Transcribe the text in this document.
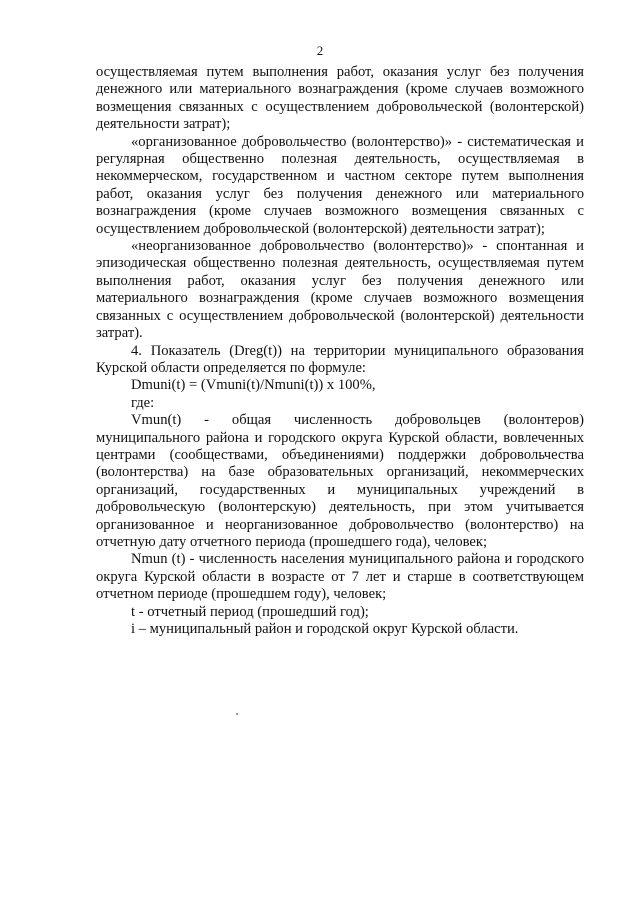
2

осуществляемая путем выполнения работ, оказания услуг без получения денежного или материального вознаграждения (кроме случаев возможного возмещения связанных с осуществлением добровольческой (волонтерской) деятельности затрат);

«организованное добровольчество (волонтерство)» - систематическая и регулярная общественно полезная деятельность, осуществляемая в некоммерческом, государственном и частном секторе путем выполнения работ, оказания услуг без получения денежного или материального вознаграждения (кроме случаев возможного возмещения связанных с осуществлением добровольческой (волонтерской) деятельности затрат);

«неорганизованное добровольчество (волонтерство)» - спонтанная и эпизодическая общественно полезная деятельность, осуществляемая путем выполнения работ, оказания услуг без получения денежного или материального вознаграждения (кроме случаев возможного возмещения связанных с осуществлением добровольческой (волонтерской) деятельности затрат).

4. Показатель (Dreg(t)) на территории муниципального образования Курской области определяется по формуле:

Dmuni(t) = (Vmuni(t)/Nmuni(t)) x 100%,

где:

Vmun(t) - общая численность добровольцев (волонтеров) муниципального района и городского округа Курской области, вовлеченных центрами (сообществами, объединениями) поддержки добровольчества (волонтерства) на базе образовательных организаций, некоммерческих организаций, государственных и муниципальных учреждений в добровольческую (волонтерскую) деятельность, при этом учитывается организованное и неорганизованное добровольчество (волонтерство) на отчетную дату отчетного периода (прошедшего года), человек;

Nmun (t) - численность населения муниципального района и городского округа Курской области в возрасте от 7 лет и старше в соответствующем отчетном периоде (прошедшем году), человек;

t - отчетный период (прошедший год);

i – муниципальный район и городской округ Курской области.
